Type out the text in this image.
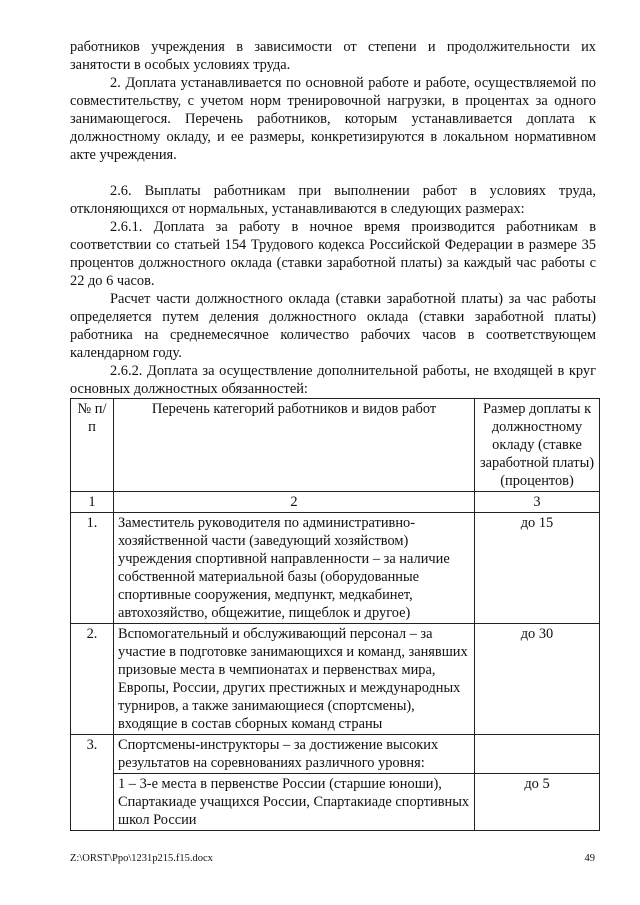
работников учреждения в зависимости от степени и продолжительности их занятости в особых условиях труда.

2. Доплата устанавливается по основной работе и работе, осуществляемой по совместительству, с учетом норм тренировочной нагрузки, в процентах за одного занимающегося. Перечень работников, которым устанавливается доплата к должностному окладу, и ее размеры, конкретизируются в локальном нормативном акте учреждения.

2.6. Выплаты работникам при выполнении работ в условиях труда, отклоняющихся от нормальных, устанавливаются в следующих размерах:

2.6.1. Доплата за работу в ночное время производится работникам в соответствии со статьей 154 Трудового кодекса Российской Федерации в размере 35 процентов должностного оклада (ставки заработной платы) за каждый час работы с 22 до 6 часов.

Расчет части должностного оклада (ставки заработной платы) за час работы определяется путем деления должностного оклада (ставки заработной платы) работника на среднемесячное количество рабочих часов в соответствующем календарном году.

2.6.2. Доплата за осуществление дополнительной работы, не входящей в круг основных должностных обязанностей:

№ п/п	Перечень категорий работников и видов работ	Размер доплаты к должностному окладу (ставке заработной платы) (процентов)
1	2	3
1.	Заместитель руководителя по административно-хозяйственной части (заведующий хозяйством) учреждения спортивной направленности – за наличие собственной материальной базы (оборудованные спортивные сооружения, медпункт, медкабинет, автохозяйство, общежитие, пищеблок и другое)	до 15
2.	Вспомогательный и обслуживающий персонал – за участие в подготовке занимающихся и команд, занявших призовые места в чемпионатах и первенствах мира, Европы, России, других престижных и международных турниров, а также занимающиеся (спортсмены), входящие в состав сборных команд страны	до 30
3.	Спортсмены-инструкторы – за достижение высоких результатов на соревнованиях различного уровня:	
	1 – 3-е места в первенстве России (старшие юноши), Спартакиаде учащихся России, Спартакиаде спортивных школ России	до 5
Z:\ORST\Ppo\1231p215.f15.docx	49
